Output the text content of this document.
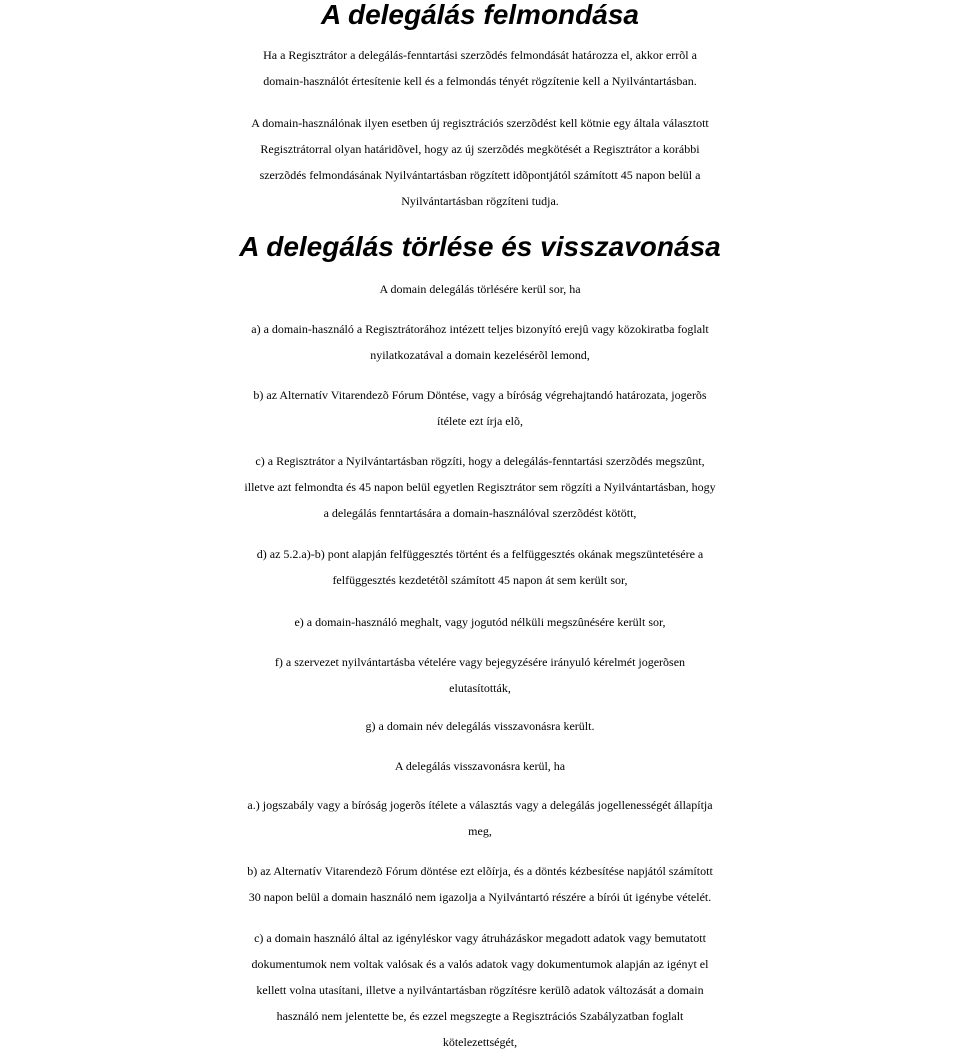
A delegálás felmondása
Ha a Regisztrátor a delegálás-fenntartási szerzõdés felmondását határozza el, akkor errõl a
domain-használót értesítenie kell és a felmondás tényét rögzítenie kell a Nyilvántartásban.
A domain-használónak ilyen esetben új regisztrációs szerzõdést kell kötnie egy általa választott
Regisztrátorral olyan határidõvel, hogy az új szerzõdés megkötését a Regisztrátor a korábbi
szerzõdés felmondásának Nyilvántartásban rögzített idõpontjától számított 45 napon belül a
Nyilvántartásban rögzíteni tudja.
A delegálás törlése és visszavonása
A domain delegálás törlésére kerül sor, ha
a) a domain-használó a Regisztrátorához intézett teljes bizonyító erejû vagy közokiratba foglalt
nyilatkozatával a domain kezelésérõl lemond,
b) az Alternatív Vitarendezõ Fórum Döntése, vagy a bíróság végrehajtandó határozata, jogerõs
ítélete ezt írja elõ,
c) a Regisztrátor a Nyilvántartásban rögzíti, hogy a delegálás-fenntartási szerzõdés megszûnt,
illetve azt felmondta és 45 napon belül egyetlen Regisztrátor sem rögzíti a Nyilvántartásban, hogy
a delegálás fenntartására a domain-használóval szerzõdést kötött,
d) az 5.2.a)-b) pont alapján felfüggesztés történt és a felfüggesztés okának megszüntetésére a
felfüggesztés kezdetétõl számított 45 napon át sem került sor,
e) a domain-használó meghalt, vagy jogutód nélküli megszûnésére került sor,
f) a szervezet nyilvántartásba vételére vagy bejegyzésére irányuló kérelmét jogerõsen
elutasították,
g) a domain név delegálás visszavonásra került.
A delegálás visszavonásra kerül, ha
a.) jogszabály vagy a bíróság jogerõs ítélete a választás vagy a delegálás jogellenességét állapítja
meg,
b) az Alternatív Vitarendezõ Fórum döntése ezt elõírja, és a döntés kézbesítése napjától számított
30 napon belül a domain használó nem igazolja a Nyilvántartó részére a bírói út igénybe vételét.
c) a domain használó által az igényléskor vagy átruházáskor megadott adatok vagy bemutatott
dokumentumok nem voltak valósak és a valós adatok vagy dokumentumok alapján az igényt el
kellett volna utasítani, illetve a nyilvántartásban rögzítésre kerülõ adatok változását a domain
használó nem jelentette be, és ezzel megszegte a Regisztrációs Szabályzatban foglalt
kötelezettségét,
